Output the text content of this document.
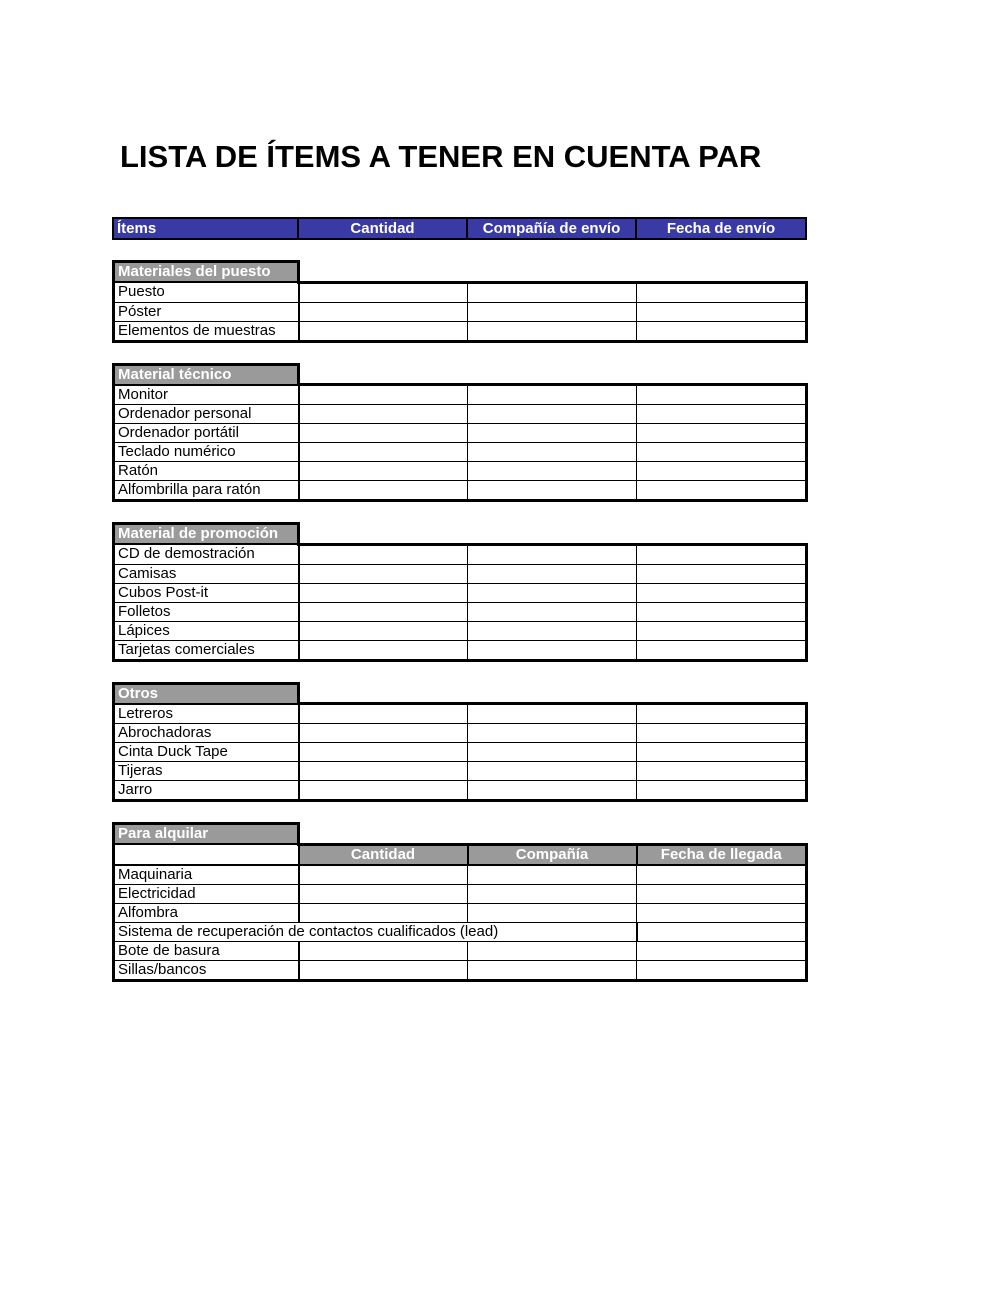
LISTA DE ÍTEMS A TENER EN CUENTA PAR
Ítems	Cantidad	Compañía de envío	Fecha de envío
Materiales del puesto			
Puesto			
Póster			
Elementos de muestras			
Material técnico			
Monitor			
Ordenador personal			
Ordenador portátil			
Teclado numérico			
Ratón			
Alfombrilla para ratón			
Material de promoción			
CD de demostración			
Camisas			
Cubos Post-it			
Folletos			
Lápices			
Tarjetas comerciales			
Otros			
Letreros			
Abrochadoras			
Cinta Duck Tape			
Tijeras			
Jarro			
Para alquilar			
	Cantidad	Compañía	Fecha de llegada
Maquinaria			
Electricidad			
Alfombra			
Sistema de recuperación de contactos cualificados (lead)			
Bote de basura			
Sillas/bancos			
